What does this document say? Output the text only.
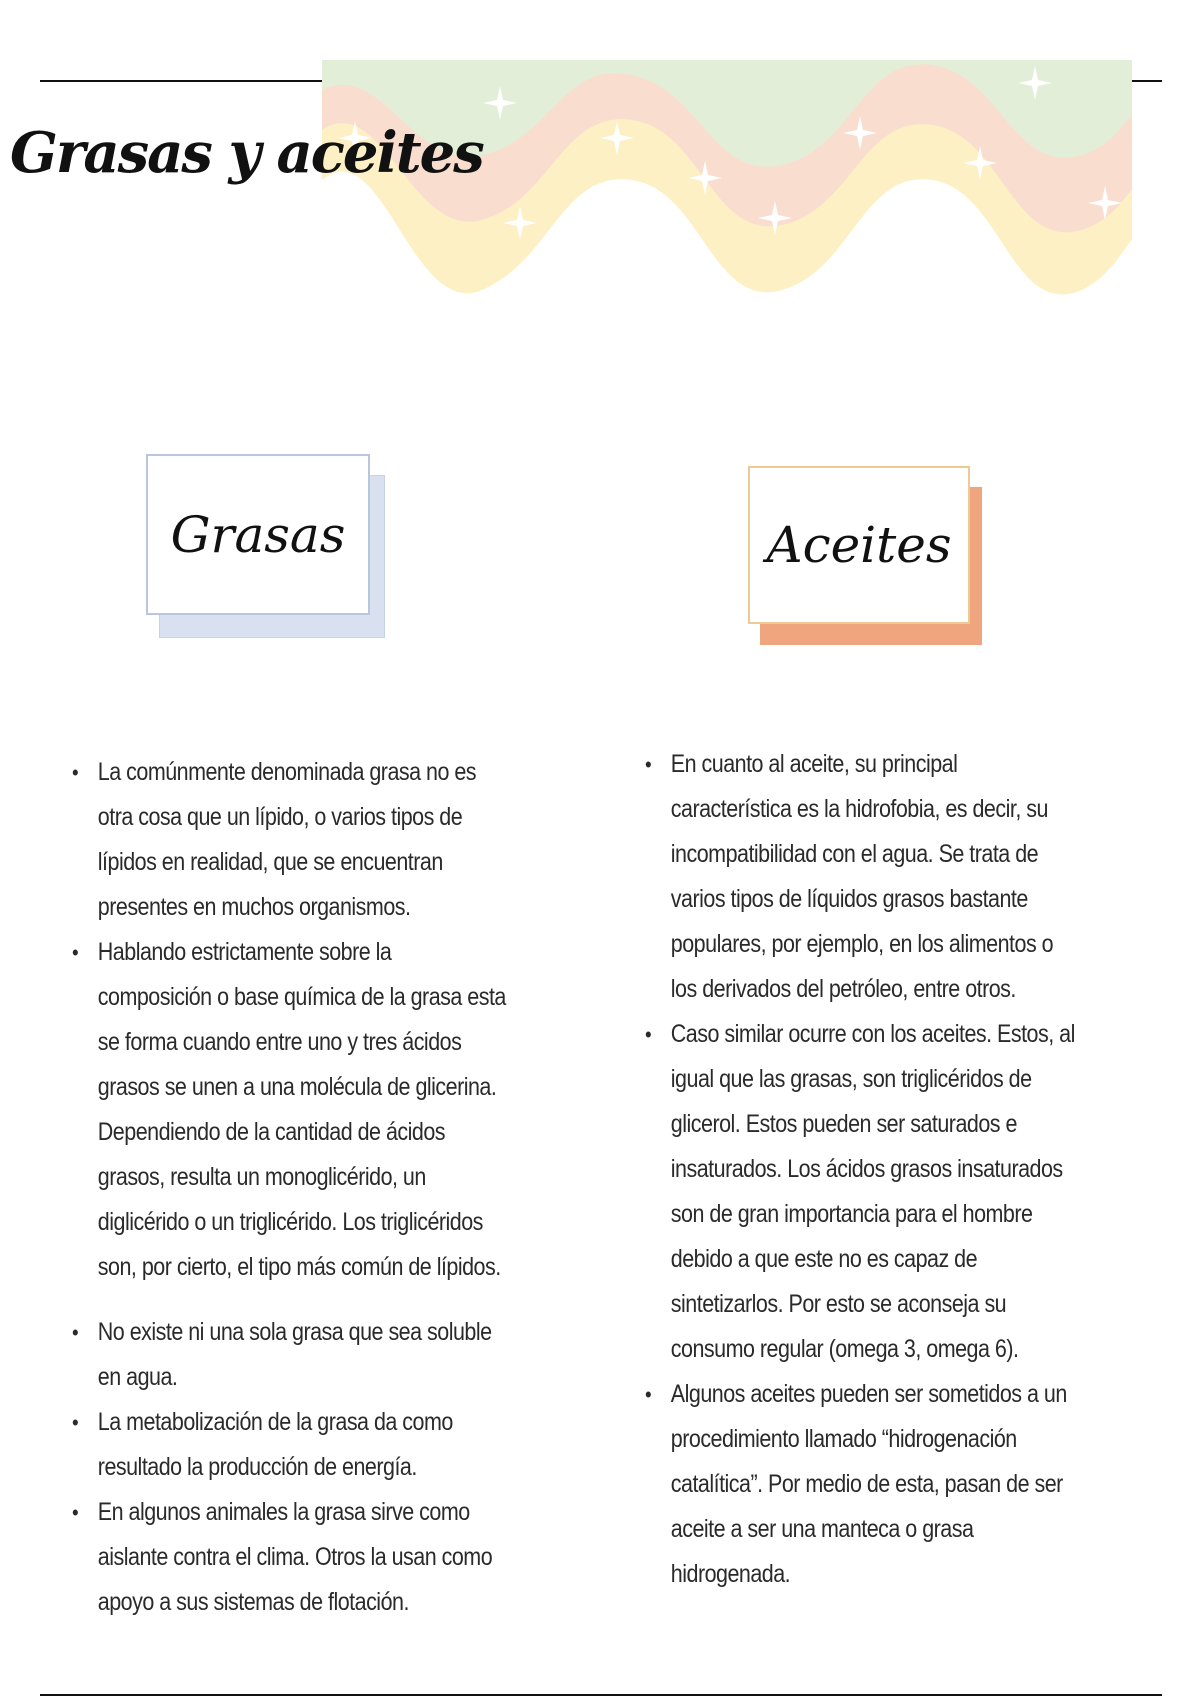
Grasas y aceites
Grasas	Aceites
• La comúnmente denominada grasa no es otra cosa que un lípido, o varios tipos de lípidos en realidad, que se encuentran presentes en muchos organismos.
• Hablando estrictamente sobre la composición o base química de la grasa esta se forma cuando entre uno y tres ácidos grasos se unen a una molécula de glicerina. Dependiendo de la cantidad de ácidos grasos, resulta un monoglicérido, un diglicérido o un triglicérido. Los triglicéridos son, por cierto, el tipo más común de lípidos.
• No existe ni una sola grasa que sea soluble en agua.
• La metabolización de la grasa da como resultado la producción de energía.
• En algunos animales la grasa sirve como aislante contra el clima. Otros la usan como apoyo a sus sistemas de flotación.
• En cuanto al aceite, su principal característica es la hidrofobia, es decir, su incompatibilidad con el agua. Se trata de varios tipos de líquidos grasos bastante populares, por ejemplo, en los alimentos o los derivados del petróleo, entre otros.
• Caso similar ocurre con los aceites. Estos, al igual que las grasas, son triglicéridos de glicerol. Estos pueden ser saturados e insaturados. Los ácidos grasos insaturados son de gran importancia para el hombre debido a que este no es capaz de sintetizarlos. Por esto se aconseja su consumo regular (omega 3, omega 6).
• Algunos aceites pueden ser sometidos a un procedimiento llamado “hidrogenación catalítica”. Por medio de esta, pasan de ser aceite a ser una manteca o grasa hidrogenada.
